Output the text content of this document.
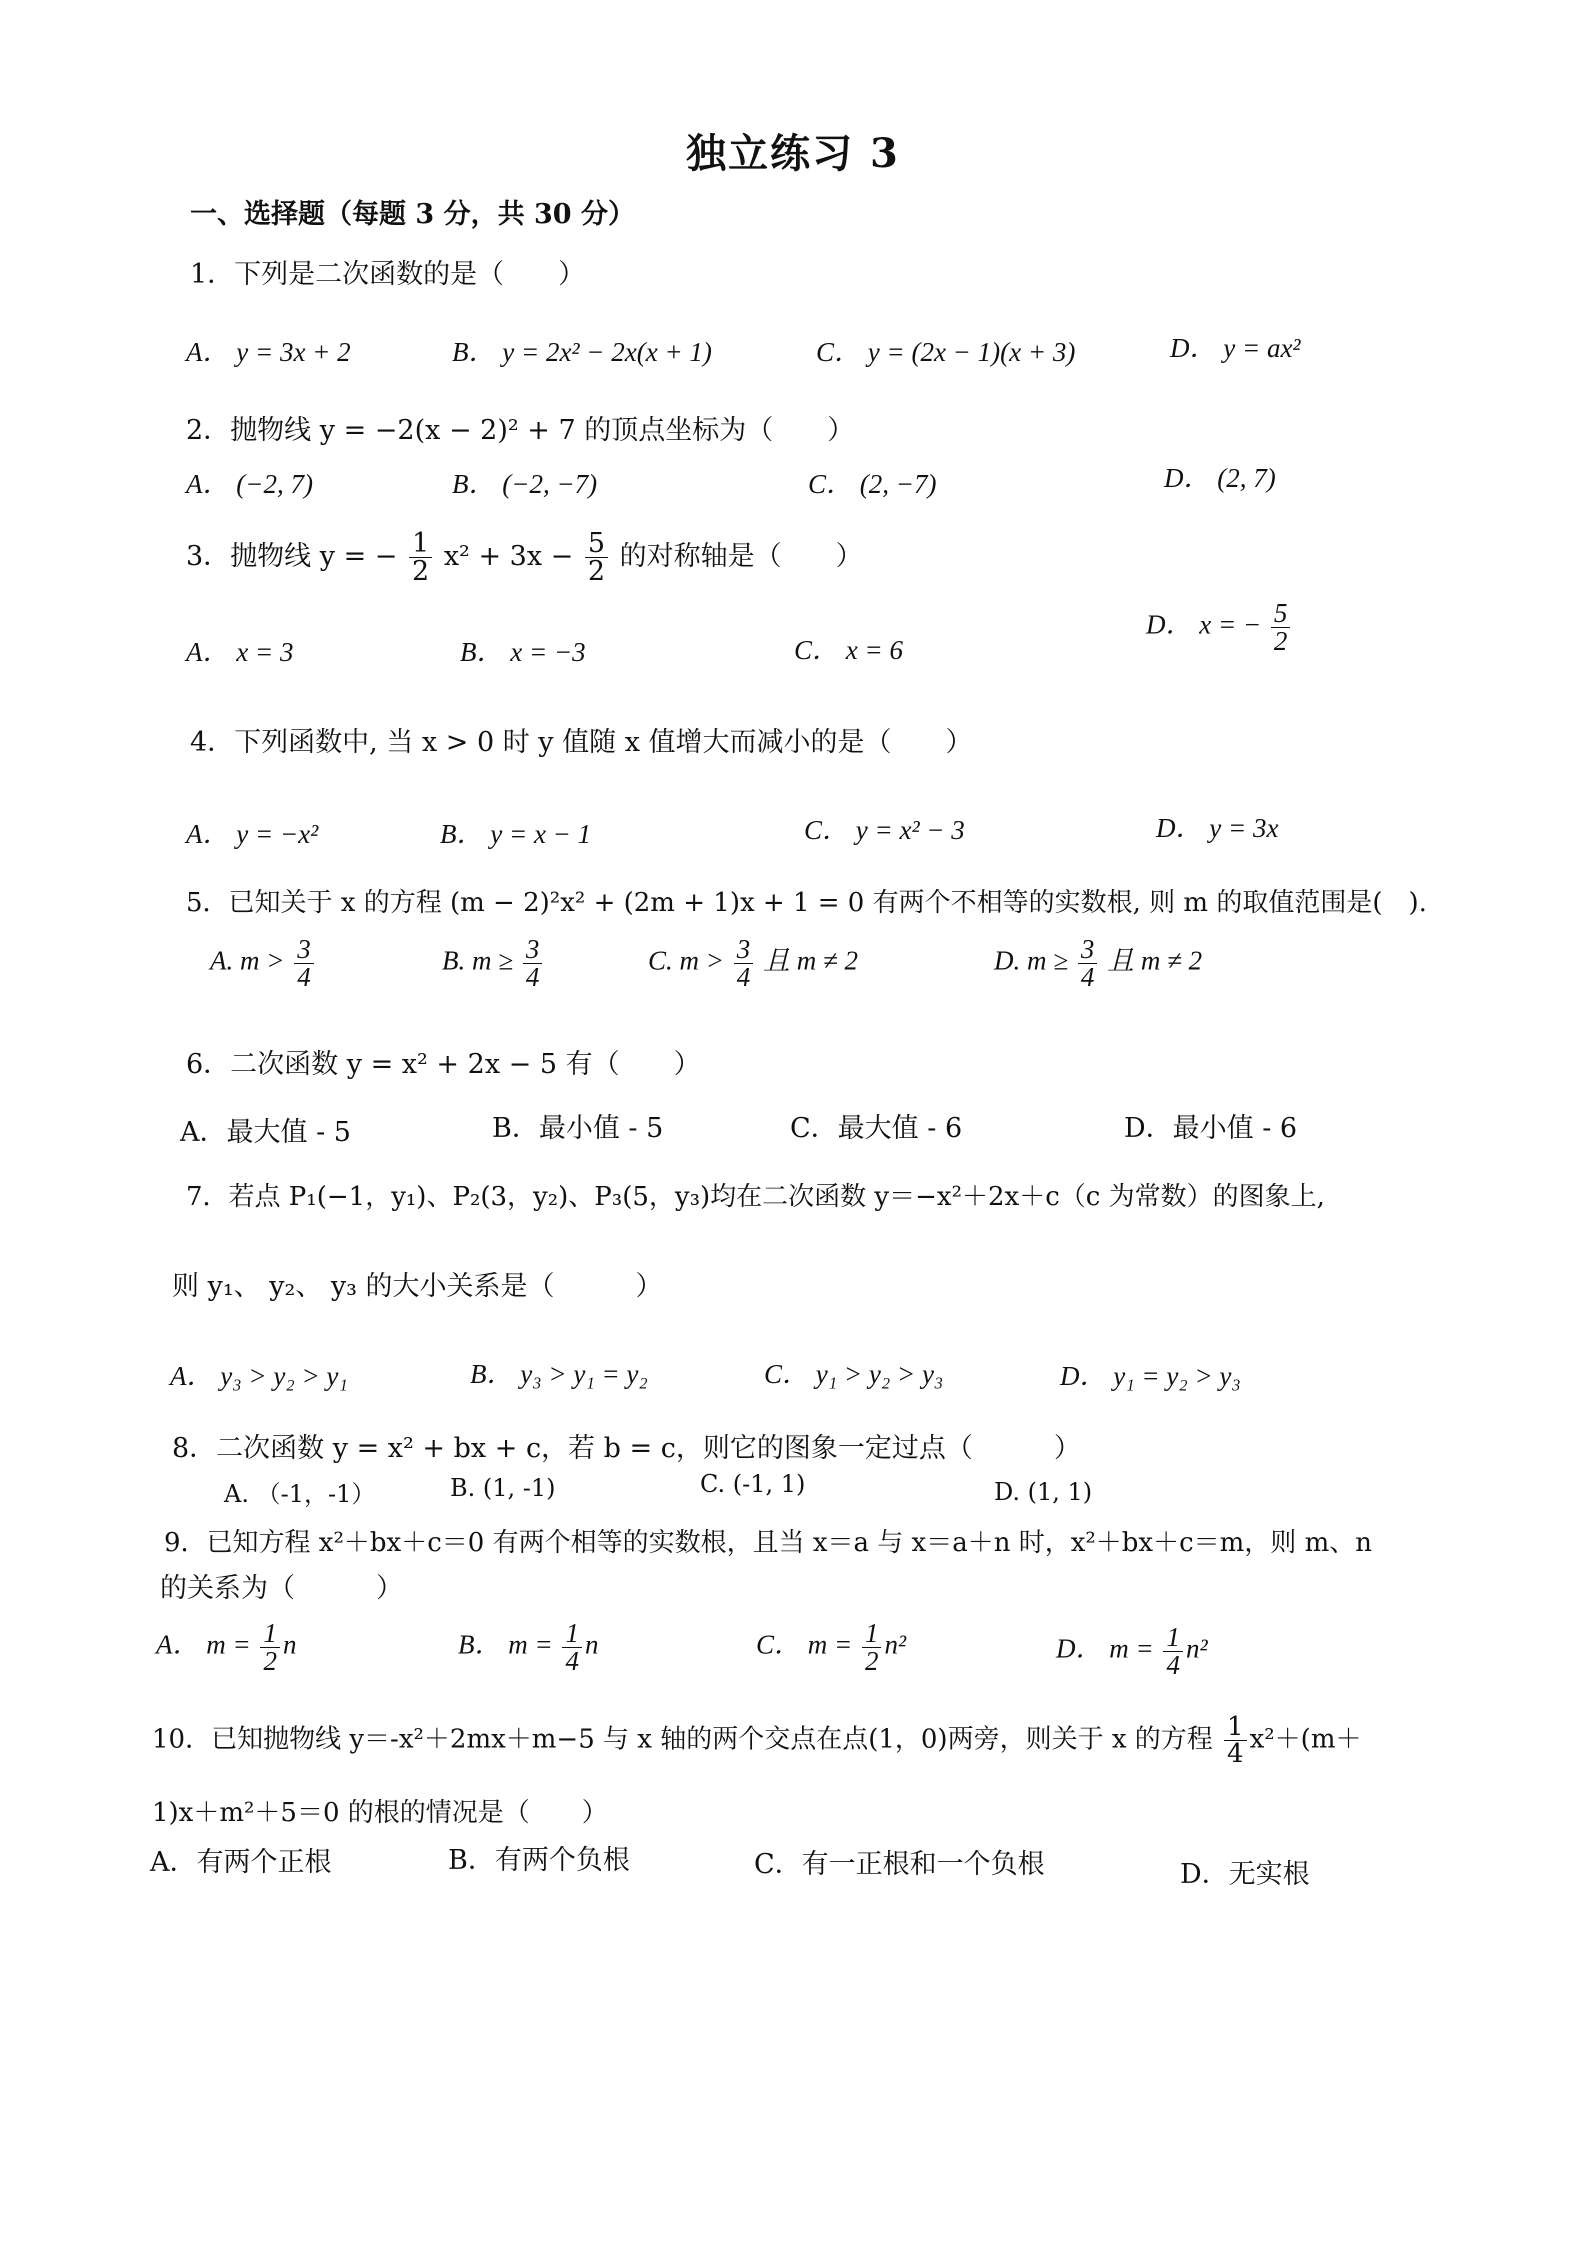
独立练习 3
一、选择题（每题 3 分，共 30 分）
1．下列是二次函数的是（　　）
A． y = 3x + 2	B． y = 2x² − 2x(x + 1)	C． y = (2x − 1)(x + 3)	D． y = ax²
2．抛物线 y = −2(x − 2)² + 7 的顶点坐标为（　　）
A． (−2, 7)	B． (−2, −7)	C． (2, −7)	D． (2, 7)
3．抛物线 y = − $\frac{1}{2} x^2 + 3x - \frac{5}{2}$ 的对称轴是（　　）
A． x = 3	B． x = −3	C． x = 6
D． x = − $\frac{5}{2}$
4．下列函数中, 当 x > 0 时 y 值随 x 值增大而减小的是（　　）
A． y = −x²	B． y = x − 1	C． y = x² − 3	D． y = 3x
5．已知关于 x 的方程 (m − 2)²x² + (2m + 1)x + 1 = 0 有两个不相等的实数根, 则 m 的取值范围是(　).
A. $m > \frac{3}{4}$	B. $m \ge \frac{3}{4}$	C. $m > \frac{3}{4}$ 且 m ≠ 2	D. $m \ge \frac{3}{4}$ 且 m ≠ 2
6．二次函数 y = x² + 2x − 5 有（　　）
A．最大值 - 5	B．最小值 - 5	C．最大值 - 6	D．最小值 - 6
7．若点 P₁(−1，y₁)、P₂(3，y₂)、P₃(5，y₃)均在二次函数 y＝−x²＋2x＋c（c 为常数）的图象上,
则 y₁、 y₂、 y₃ 的大小关系是（　　　）
A． y₃ > y₂ > y₁	B． y₃ > y₁ = y₂	C． y₁ > y₂ > y₃	D． y₁ = y₂ > y₃
8．二次函数 y = x² + bx + c，若 b = c，则它的图象一定过点（　　　）
A. （-1，-1）	B. (1, -1)	C. (-1, 1)	D. (1, 1)
9．已知方程 x²＋bx＋c＝0 有两个相等的实数根，且当 x＝a 与 x＝a＋n 时，x²＋bx＋c＝m，则 m、n
的关系为（　　　）
A． $m = \frac{1}{2}$ n	B． $m = \frac{1}{4}$ n	C． $m = \frac{1}{2} n^2$	D． $m = \frac{1}{4} n^2$
10．已知抛物线 y＝-x²＋2mx＋m−5 与 x 轴的两个交点在点(1，0)两旁，则关于 x 的方程 $\frac{1}{4} x^2+(m+$
1)x＋m²＋5＝0 的根的情况是（　　）
A．有两个正根	B．有两个负根	C．有一正根和一个负根	D．无实根
